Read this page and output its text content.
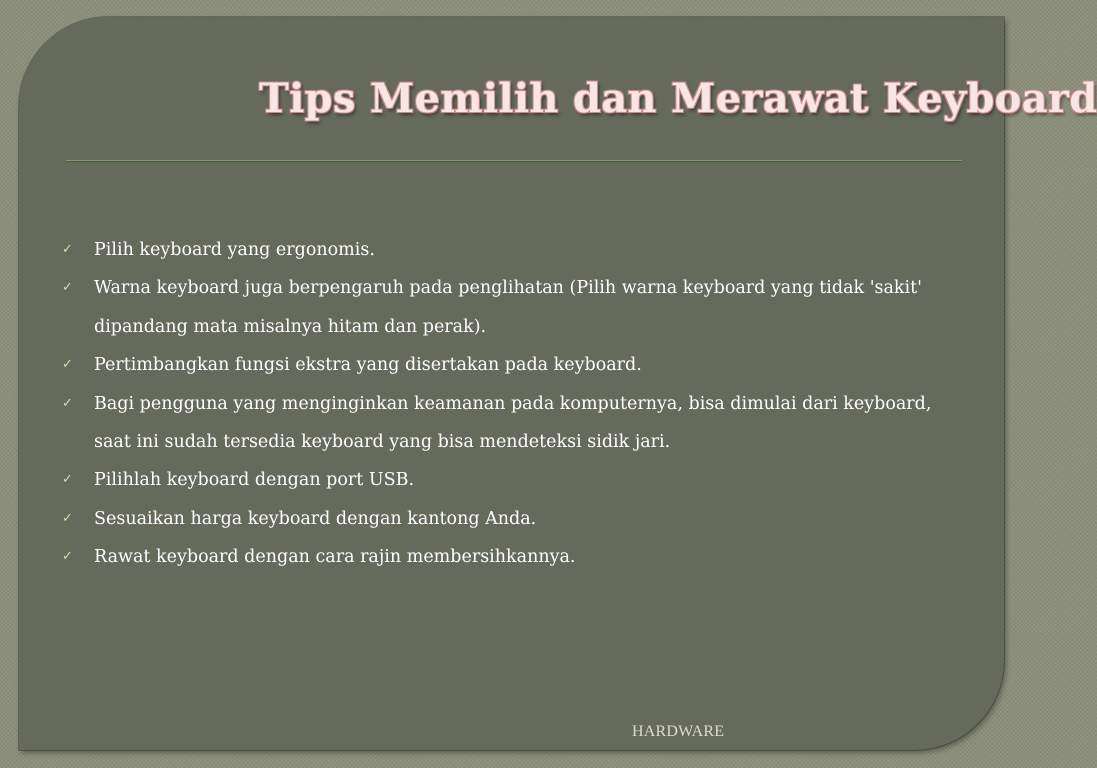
Tips Memilih dan Merawat Keyboard
✓ Pilih keyboard yang ergonomis.
✓ Warna keyboard juga berpengaruh pada penglihatan (Pilih warna keyboard yang tidak 'sakit' dipandang mata misalnya hitam dan perak).
✓ Pertimbangkan fungsi ekstra yang disertakan pada keyboard.
✓ Bagi pengguna yang menginginkan keamanan pada komputernya, bisa dimulai dari keyboard, saat ini sudah tersedia keyboard yang bisa mendeteksi sidik jari.
✓ Pilihlah keyboard dengan port USB.
✓ Sesuaikan harga keyboard dengan kantong Anda.
✓ Rawat keyboard dengan cara rajin membersihkannya.
HARDWARE
